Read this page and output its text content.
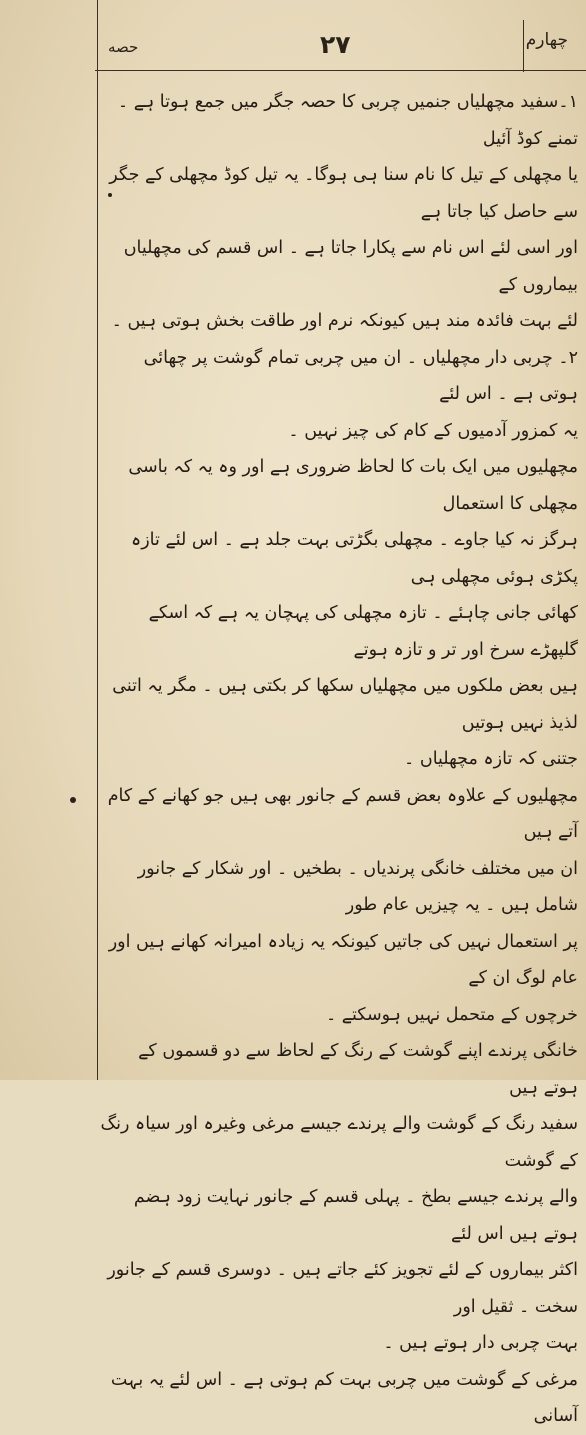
چهارم
۲۷
حصه

۱۔سفید مچھلیاں جنمیں چربی کا حصہ جگر میں جمع ہوتا ہے ۔ تمنے کوڈ آئیل

یا مچھلی کے تیل کا نام سنا ہی ہوگا۔ یہ تیل کوڈ مچھلی کے جگر سے حاصل کیا جاتا ہے

اور اسی لئے اس نام سے پکارا جاتا ہے ۔ اس قسم کی مچھلیاں بیماروں کے

لئے بہت فائدہ مند ہیں کیونکہ نرم اور طاقت بخش ہوتی ہیں ۔

۲۔ چربی دار مچھلیاں ۔ ان میں چربی تمام گوشت پر چھائی ہوتی ہے ۔ اس لئے

یہ کمزور آدمیوں کے کام کی چیز نہیں ۔

مچھلیوں میں ایک بات کا لحاظ ضروری ہے اور وہ یہ کہ باسی مچھلی کا استعمال

ہرگز نہ کیا جاوے ۔ مچھلی بگڑتی بہت جلد ہے ۔ اس لئے تازہ پکڑی ہوئی مچھلی ہی

کھائی جانی چاہئے ۔ تازہ مچھلی کی پہچان یہ ہے کہ اسکے گلپھڑے سرخ اور تر و تازہ ہوتے

ہیں بعض ملکوں میں مچھلیاں سکھا کر بکتی ہیں ۔ مگر یہ اتنی لذیذ نہیں ہوتیں

جتنی کہ تازہ مچھلیاں ۔

مچھلیوں کے علاوہ بعض قسم کے جانور بھی ہیں جو کھانے کے کام آتے ہیں

ان میں مختلف خانگی پرندیاں ۔ بطخیں ۔ اور شکار کے جانور شامل ہیں ۔ یہ چیزیں عام طور

پر استعمال نہیں کی جاتیں کیونکہ یہ زیادہ امیرانہ کھانے ہیں اور عام لوگ ان کے

خرچوں کے متحمل نہیں ہوسکتے ۔

خانگی پرندے اپنے گوشت کے رنگ کے لحاظ سے دو قسموں کے ہوتے ہیں

سفید رنگ کے گوشت والے پرندے جیسے مرغی وغیرہ اور سیاہ رنگ کے گوشت

والے پرندے جیسے بطخ ۔ پہلی قسم کے جانور نہایت زود ہضم ہوتے ہیں اس لئے

اکثر بیماروں کے لئے تجویز کئے جاتے ہیں ۔ دوسری قسم کے جانور سخت ۔ ثقیل اور

بہت چربی دار ہوتے ہیں ۔

مرغی کے گوشت میں چربی بہت کم ہوتی ہے ۔ اس لئے یہ بہت آسانی
